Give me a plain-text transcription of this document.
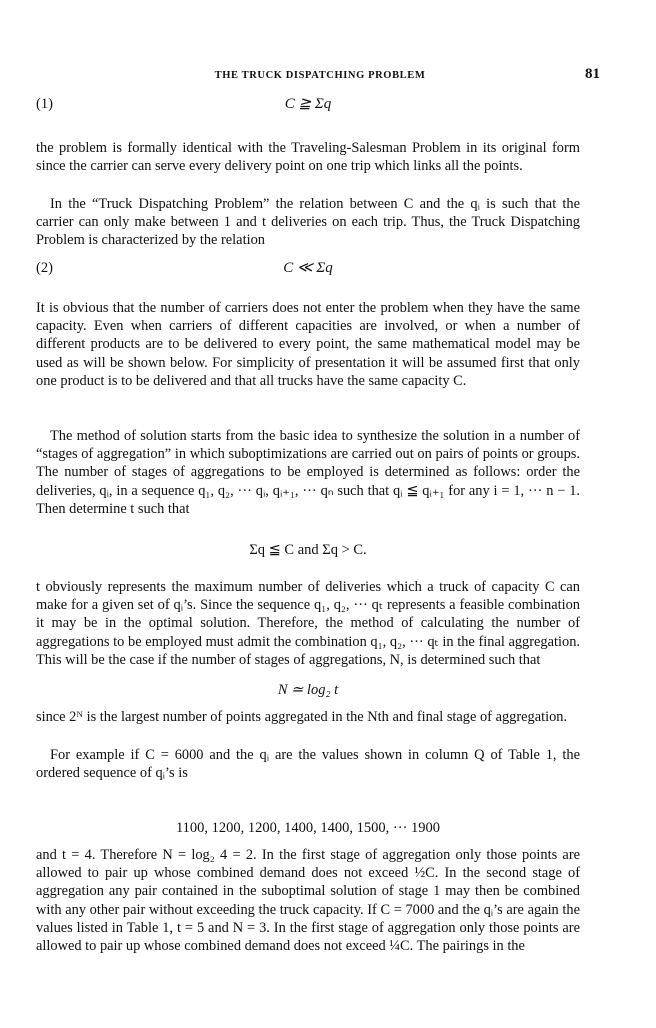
THE TRUCK DISPATCHING PROBLEM	81
(1)	C ≧ Σq

the problem is formally identical with the Traveling-Salesman Problem in its original form since the carrier can serve every delivery point on one trip which links all the points.

In the “Truck Dispatching Problem” the relation between C and the qᵢ is such that the carrier can only make between 1 and t deliveries on each trip. Thus, the Truck Dispatching Problem is characterized by the relation

(2)	C ≪ Σq

It is obvious that the number of carriers does not enter the problem when they have the same capacity. Even when carriers of different capacities are involved, or when a number of different products are to be delivered to every point, the same mathematical model may be used as will be shown below. For simplicity of presentation it will be assumed first that only one product is to be delivered and that all trucks have the same capacity C.

The method of solution starts from the basic idea to synthesize the solution in a number of “stages of aggregation” in which suboptimizations are carried out on pairs of points or groups. The number of stages of aggregations to be employed is determined as follows: order the deliveries, qᵢ, in a sequence q₁, q₂, ··· qᵢ, qᵢ₊₁, ··· qₙ such that qᵢ ≦ qᵢ₊₁ for any i = 1, ··· n − 1. Then determine t such that

Σq ≦ C and Σq > C.

t obviously represents the maximum number of deliveries which a truck of capacity C can make for a given set of qᵢ’s. Since the sequence q₁, q₂, ··· qₜ represents a feasible combination it may be in the optimal solution. Therefore, the method of calculating the number of aggregations to be employed must admit the combination q₁, q₂, ··· qₜ in the final aggregation. This will be the case if the number of stages of aggregations, N, is determined such that

N ≃ log₂ t

since 2ᴺ is the largest number of points aggregated in the Nth and final stage of aggregation.

For example if C = 6000 and the qᵢ are the values shown in column Q of Table 1, the ordered sequence of qᵢ’s is

1100, 1200, 1200, 1400, 1400, 1500, ··· 1900

and t = 4. Therefore N = log₂ 4 = 2. In the first stage of aggregation only those points are allowed to pair up whose combined demand does not exceed ½C. In the second stage of aggregation any pair contained in the suboptimal solution of stage 1 may then be combined with any other pair without exceeding the truck capacity. If C = 7000 and the qᵢ’s are again the values listed in Table 1, t = 5 and N = 3. In the first stage of aggregation only those points are allowed to pair up whose combined demand does not exceed ¼C. The pairings in the
